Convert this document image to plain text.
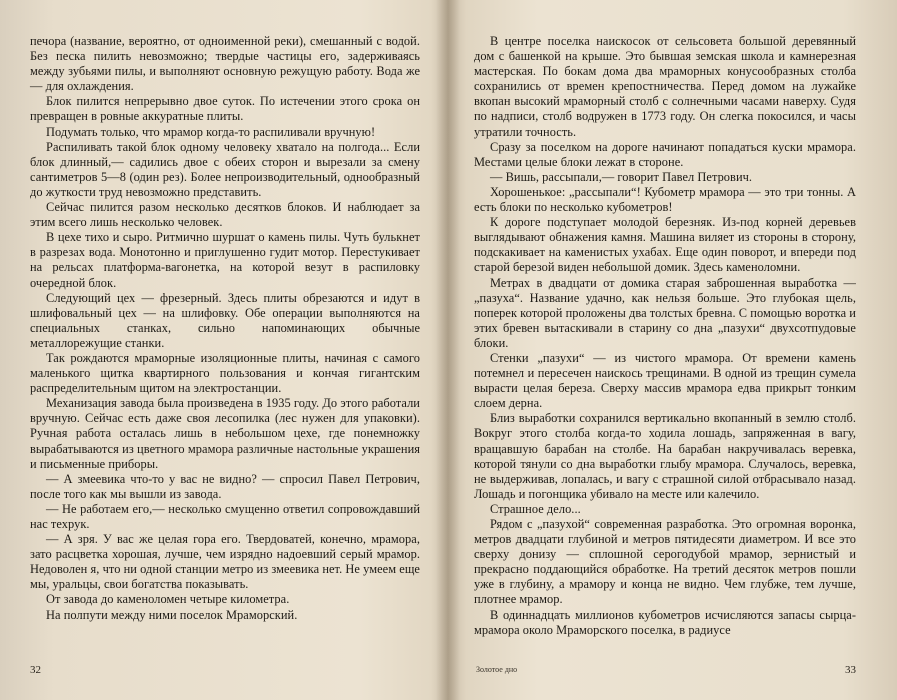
печора (название, вероятно, от одноименной реки), смешанный с водой. Без песка пилить невозможно; твердые частицы его, задерживаясь между зубьями пилы, и выполняют основную режущую работу. Вода же — для охлаждения.

Блок пилится непрерывно двое суток. По истечении этого срока он превращен в ровные аккуратные плиты.

Подумать только, что мрамор когда-то распиливали вручную!

Распиливать такой блок одному человеку хватало на полгода... Если блок длинный,— садились двое с обеих сторон и вырезали за смену сантиметров 5—8 (один рез). Более непроизводительный, однообразный до жуткости труд невозможно представить.

Сейчас пилится разом несколько десятков блоков. И наблюдает за этим всего лишь несколько человек.

В цехе тихо и сыро. Ритмично шуршат о камень пилы. Чуть булькнет в разрезах вода. Монотонно и приглушенно гудит мотор. Перестукивает на рельсах платформа-вагонетка, на которой везут в распиловку очередной блок.

Следующий цех — фрезерный. Здесь плиты обрезаются и идут в шлифовальный цех — на шлифовку. Обе операции выполняются на специальных станках, сильно напоминающих обычные металлорежущие станки.

Так рождаются мраморные изоляционные плиты, начиная с самого маленького щитка квартирного пользования и кончая гигантским распределительным щитом на электростанции.

Механизация завода была произведена в 1935 году. До этого работали вручную. Сейчас есть даже своя лесопилка (лес нужен для упаковки). Ручная работа осталась лишь в небольшом цехе, где понемножку вырабатываются из цветного мрамора различные настольные украшения и письменные приборы.

— А змеевика что-то у вас не видно? — спросил Павел Петрович, после того как мы вышли из завода.

— Не работаем его,— несколько смущенно ответил сопровождавший нас техрук.

— А зря. У вас же целая гора его. Твердоватей, конечно, мрамора, зато расцветка хорошая, лучше, чем изрядно надоевший серый мрамор. Недоволен я, что ни одной станции метро из змеевика нет. Не умеем еще мы, уральцы, свои богатства показывать.

От завода до каменоломен четыре километра.

На полпути между ними поселок Мраморский.

32

В центре поселка наискосок от сельсовета большой деревянный дом с башенкой на крыше. Это бывшая земская школа и камнерезная мастерская. По бокам дома два мраморных конусообразных столба сохранились от времен крепостничества. Перед домом на лужайке вкопан высокий мраморный столб с солнечными часами наверху. Судя по надписи, столб водружен в 1773 году. Он слегка покосился, и часы утратили точность.

Сразу за поселком на дороге начинают попадаться куски мрамора. Местами целые блоки лежат в стороне.

— Вишь, рассыпали,— говорит Павел Петрович.

Хорошенькое: „рассыпали“! Кубометр мрамора — это три тонны. А есть блоки по несколько кубометров!

К дороге подступает молодой березняк. Из-под корней деревьев выглядывают обнажения камня. Машина виляет из стороны в сторону, подскакивает на каменистых ухабах. Еще один поворот, и впереди под старой березой виден небольшой домик. Здесь каменоломни.

Метрах в двадцати от домика старая заброшенная выработка — „пазуха“. Название удачно, как нельзя больше. Это глубокая щель, поперек которой проложены два толстых бревна. С помощью воротка и этих бревен вытаскивали в старину со дна „пазухи“ двухсотпудовые блоки.

Стенки „пазухи“ — из чистого мрамора. От времени камень потемнел и пересечен наискось трещинами. В одной из трещин сумела вырасти целая береза. Сверху массив мрамора едва прикрыт тонким слоем дерна.

Близ выработки сохранился вертикально вкопанный в землю столб. Вокруг этого столба когда-то ходила лошадь, запряженная в вагу, вращавшую барабан на столбе. На барабан накручивалась веревка, которой тянули со дна выработки глыбу мрамора. Случалось, веревка, не выдерживав, лопалась, и вагу с страшной силой отбрасывало назад. Лошадь и погонщика убивало на месте или калечило.

Страшное дело...

Рядом с „пазухой“ современная разработка. Это огромная воронка, метров двадцати глубиной и метров пятидесяти диаметром. И все это сверху донизу — сплошной серогодубой мрамор, зернистый и прекрасно поддающийся обработке. На третий десяток метров пошли уже в глубину, а мрамору и конца не видно. Чем глубже, тем лучше, плотнее мрамор.

В одиннадцать миллионов кубометров исчисляются запасы сырца-мрамора около Мраморского поселка, в радиусе

Золотое дно	33
